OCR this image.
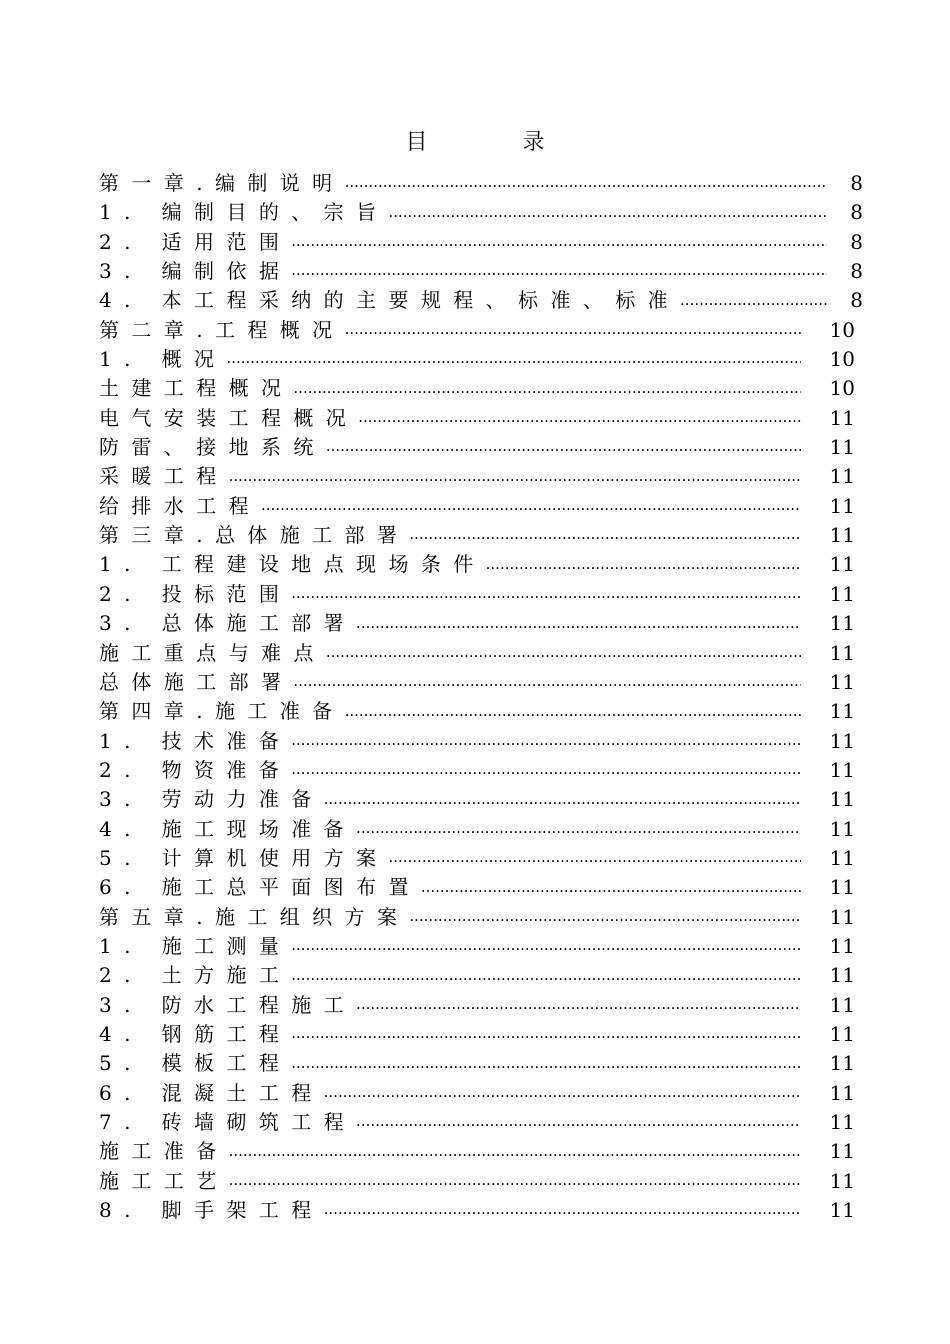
目 录
第一章.编制说明 .....	8
1. 编制目的、宗旨 .....	8
2. 适用范围 .....	8
3. 编制依据 .....	8
4. 本工程采纳的主要规程、标准、标准 .....	8
第二章.工程概况 .....	10
1. 概况 .....	10
土建工程概况 .....	10
电气安装工程概况 .....	11
防雷、接地系统 .....	11
采暖工程 .....	11
给排水工程 .....	11
第三章.总体施工部署 .....	11
1. 工程建设地点现场条件 .....	11
2. 投标范围 .....	11
3. 总体施工部署 .....	11
施工重点与难点 .....	11
总体施工部署 .....	11
第四章.施工准备 .....	11
1. 技术准备 .....	11
2. 物资准备 .....	11
3. 劳动力准备 .....	11
4. 施工现场准备 .....	11
5. 计算机使用方案 .....	11
6. 施工总平面图布置 .....	11
第五章.施工组织方案 .....	11
1. 施工测量 .....	11
2. 土方施工 .....	11
3. 防水工程施工 .....	11
4. 钢筋工程 .....	11
5. 模板工程 .....	11
6. 混凝土工程 .....	11
7. 砖墙砌筑工程 .....	11
施工准备 .....	11
施工工艺 .....	11
8. 脚手架工程 .....	11
